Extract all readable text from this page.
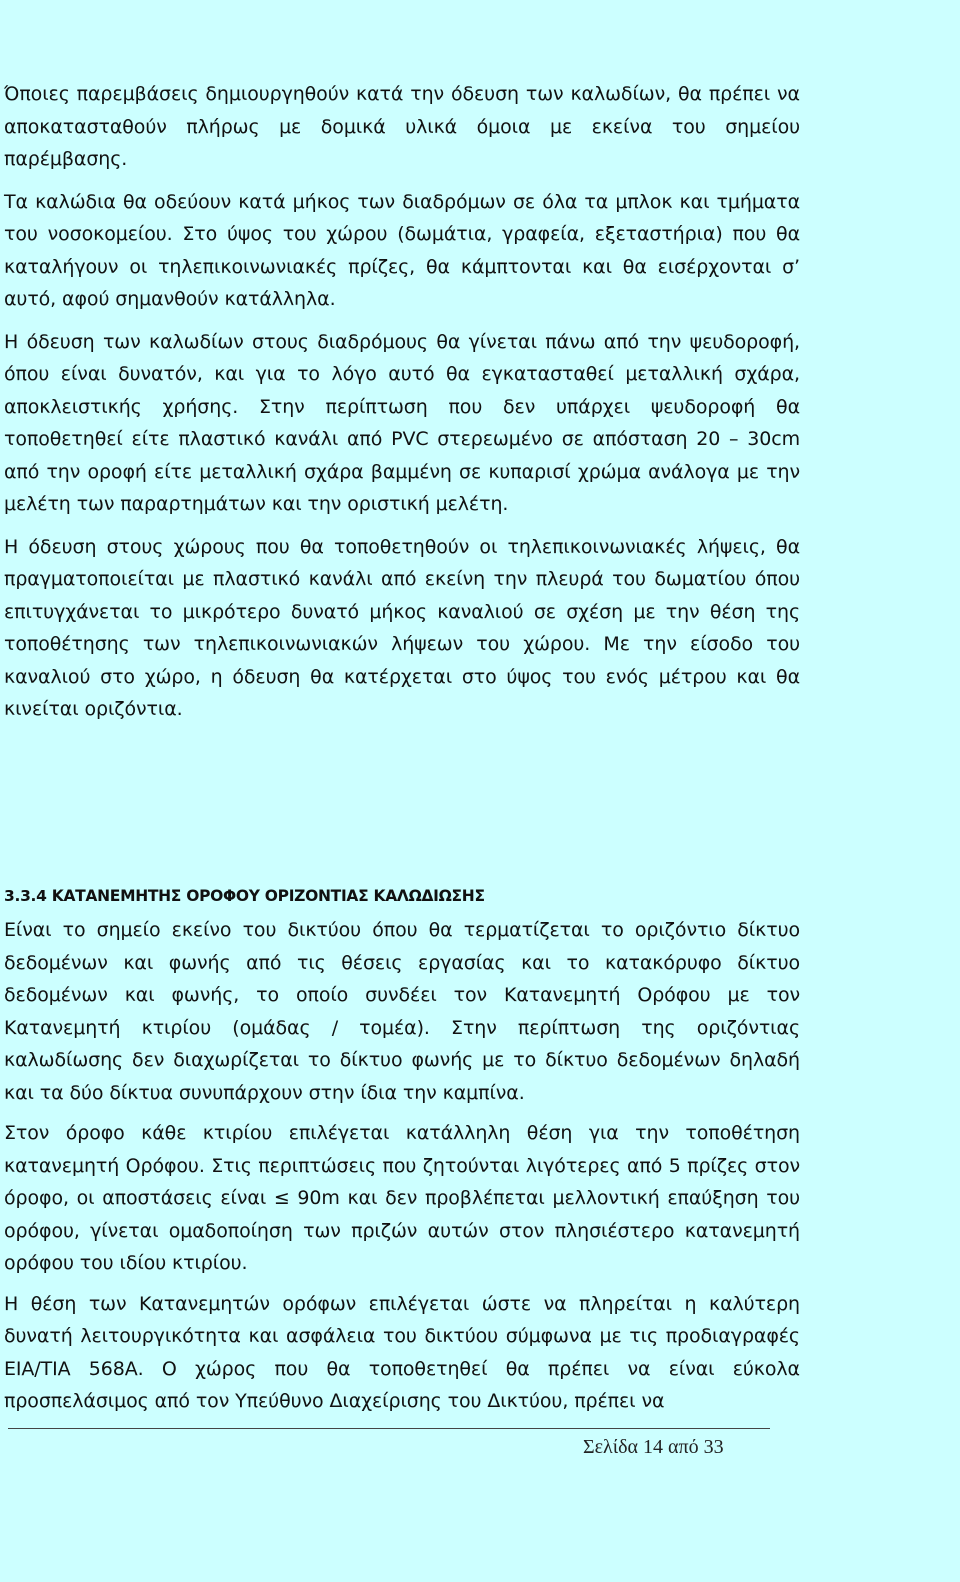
Όποιες παρεμβάσεις δημιουργηθούν κατά την όδευση των καλωδίων, θα πρέπει να αποκατασταθούν πλήρως με δομικά υλικά όμοια με εκείνα του σημείου παρέμβασης.

Τα καλώδια θα οδεύουν κατά μήκος των διαδρόμων σε όλα τα μπλοκ και τμήματα του νοσοκομείου. Στο ύψος του χώρου (δωμάτια, γραφεία, εξεταστήρια) που θα καταλήγουν οι τηλεπικοινωνιακές πρίζες, θα κάμπτονται και θα εισέρχονται σ’ αυτό, αφού σημανθούν κατάλληλα.

Η όδευση των καλωδίων στους διαδρόμους θα γίνεται πάνω από την ψευδοροφή, όπου είναι δυνατόν, και για το λόγο αυτό θα εγκατασταθεί μεταλλική σχάρα, αποκλειστικής χρήσης. Στην περίπτωση που δεν υπάρχει ψευδοροφή θα τοποθετηθεί είτε πλαστικό κανάλι από PVC στερεωμένο σε απόσταση 20 – 30cm από την οροφή είτε μεταλλική σχάρα βαμμένη σε κυπαρισί χρώμα ανάλογα με την μελέτη των παραρτημάτων και την οριστική μελέτη.

Η όδευση στους χώρους που θα τοποθετηθούν οι τηλεπικοινωνιακές λήψεις, θα πραγματοποιείται με πλαστικό κανάλι από εκείνη την πλευρά του δωματίου όπου επιτυγχάνεται το μικρότερο δυνατό μήκος καναλιού σε σχέση με την θέση της τοποθέτησης των τηλεπικοινωνιακών λήψεων του χώρου. Με την είσοδο του καναλιού στο χώρο, η όδευση θα κατέρχεται στο ύψος του ενός μέτρου και θα κινείται οριζόντια.

3.3.4 ΚΑΤΑΝΕΜΗΤΗΣ ΟΡΟΦΟΥ ΟΡΙΖΟΝΤΙΑΣ ΚΑΛΩΔΙΩΣΗΣ

Είναι το σημείο εκείνο του δικτύου όπου θα τερματίζεται το οριζόντιο δίκτυο δεδομένων και φωνής από τις θέσεις εργασίας και το κατακόρυφο δίκτυο δεδομένων και φωνής, το οποίο συνδέει τον Κατανεμητή Ορόφου με τον Κατανεμητή κτιρίου (ομάδας / τομέα). Στην περίπτωση της οριζόντιας καλωδίωσης δεν διαχωρίζεται το δίκτυο φωνής με το δίκτυο δεδομένων δηλαδή και τα δύο δίκτυα συνυπάρχουν στην ίδια την καμπίνα.

Στον όροφο κάθε κτιρίου επιλέγεται κατάλληλη θέση για την τοποθέτηση κατανεμητή Ορόφου. Στις περιπτώσεις που ζητούνται λιγότερες από 5 πρίζες στον όροφο, οι αποστάσεις είναι ≤ 90m και δεν προβλέπεται μελλοντική επαύξηση του ορόφου, γίνεται ομαδοποίηση των πριζών αυτών στον πλησιέστερο κατανεμητή ορόφου του ιδίου κτιρίου.

Η θέση των Κατανεμητών ορόφων επιλέγεται ώστε να πληρείται η καλύτερη δυνατή λειτουργικότητα και ασφάλεια του δικτύου σύμφωνα με τις προδιαγραφές ΕΙΑ/ΤΙΑ 568Α. Ο χώρος που θα τοποθετηθεί θα πρέπει να είναι εύκολα προσπελάσιμος από τον Υπεύθυνο Διαχείρισης του Δικτύου, πρέπει να

Σελίδα 14 από 33
